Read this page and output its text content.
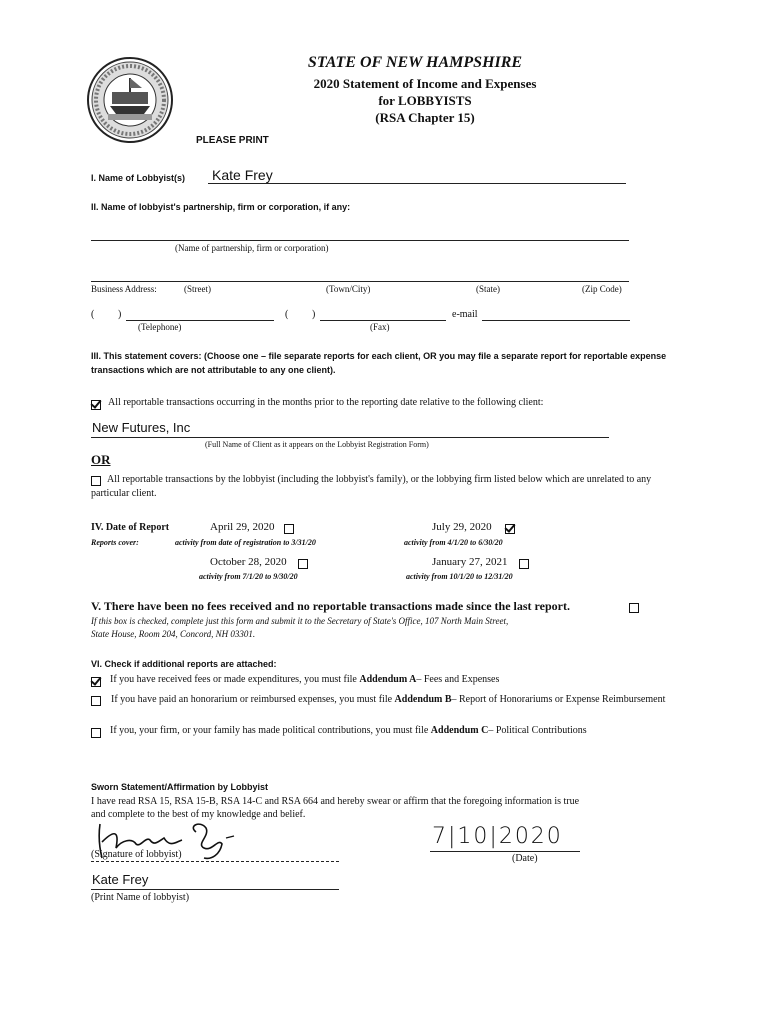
STATE OF NEW HAMPSHIRE
2020 Statement of Income and Expenses
for LOBBYISTS
(RSA Chapter 15)
PLEASE PRINT
I. Name of Lobbyist(s) Kate Frey
II. Name of lobbyist's partnership, firm or corporation, if any:
(Name of partnership, firm or corporation)
Business Address:	(Street)	(Town/City)	(State)	(Zip Code)
( )	( )	e-mail
(Telephone)	(Fax)
III. This statement covers: (Choose one – file separate reports for each client, OR you may file a separate report for reportable expense transactions which are not attributable to any one client).
All reportable transactions occurring in the months prior to the reporting date relative to the following client:
New Futures, Inc
(Full Name of Client as it appears on the Lobbyist Registration Form)
OR
All reportable transactions by the lobbyist (including the lobbyist's family), or the lobbying firm listed below which are unrelated to any particular client.
IV. Date of Report
Reports cover:
April 29, 2020
activity from date of registration to 3/31/20
July 29, 2020
activity from 4/1/20 to 6/30/20
October 28, 2020
activity from 7/1/20 to 9/30/20
January 27, 2021
activity from 10/1/20 to 12/31/20
V. There have been no fees received and no reportable transactions made since the last report.
If this box is checked, complete just this form and submit it to the Secretary of State's Office, 107 North Main Street,
State House, Room 204, Concord, NH 03301.
VI. Check if additional reports are attached:
If you have received fees or made expenditures, you must file Addendum A– Fees and Expenses
If you have paid an honorarium or reimbursed expenses, you must file Addendum B– Report of Honorariums or Expense Reimbursement
If you, your firm, or your family has made political contributions, you must file Addendum C– Political Contributions
Sworn Statement/Affirmation by Lobbyist
I have read RSA 15, RSA 15-B, RSA 14-C and RSA 664 and hereby swear or affirm that the foregoing information is true
and complete to the best of my knowledge and belief.
(Signature of lobbyist)
7|10|2020
(Date)
Kate Frey
(Print Name of lobbyist)
